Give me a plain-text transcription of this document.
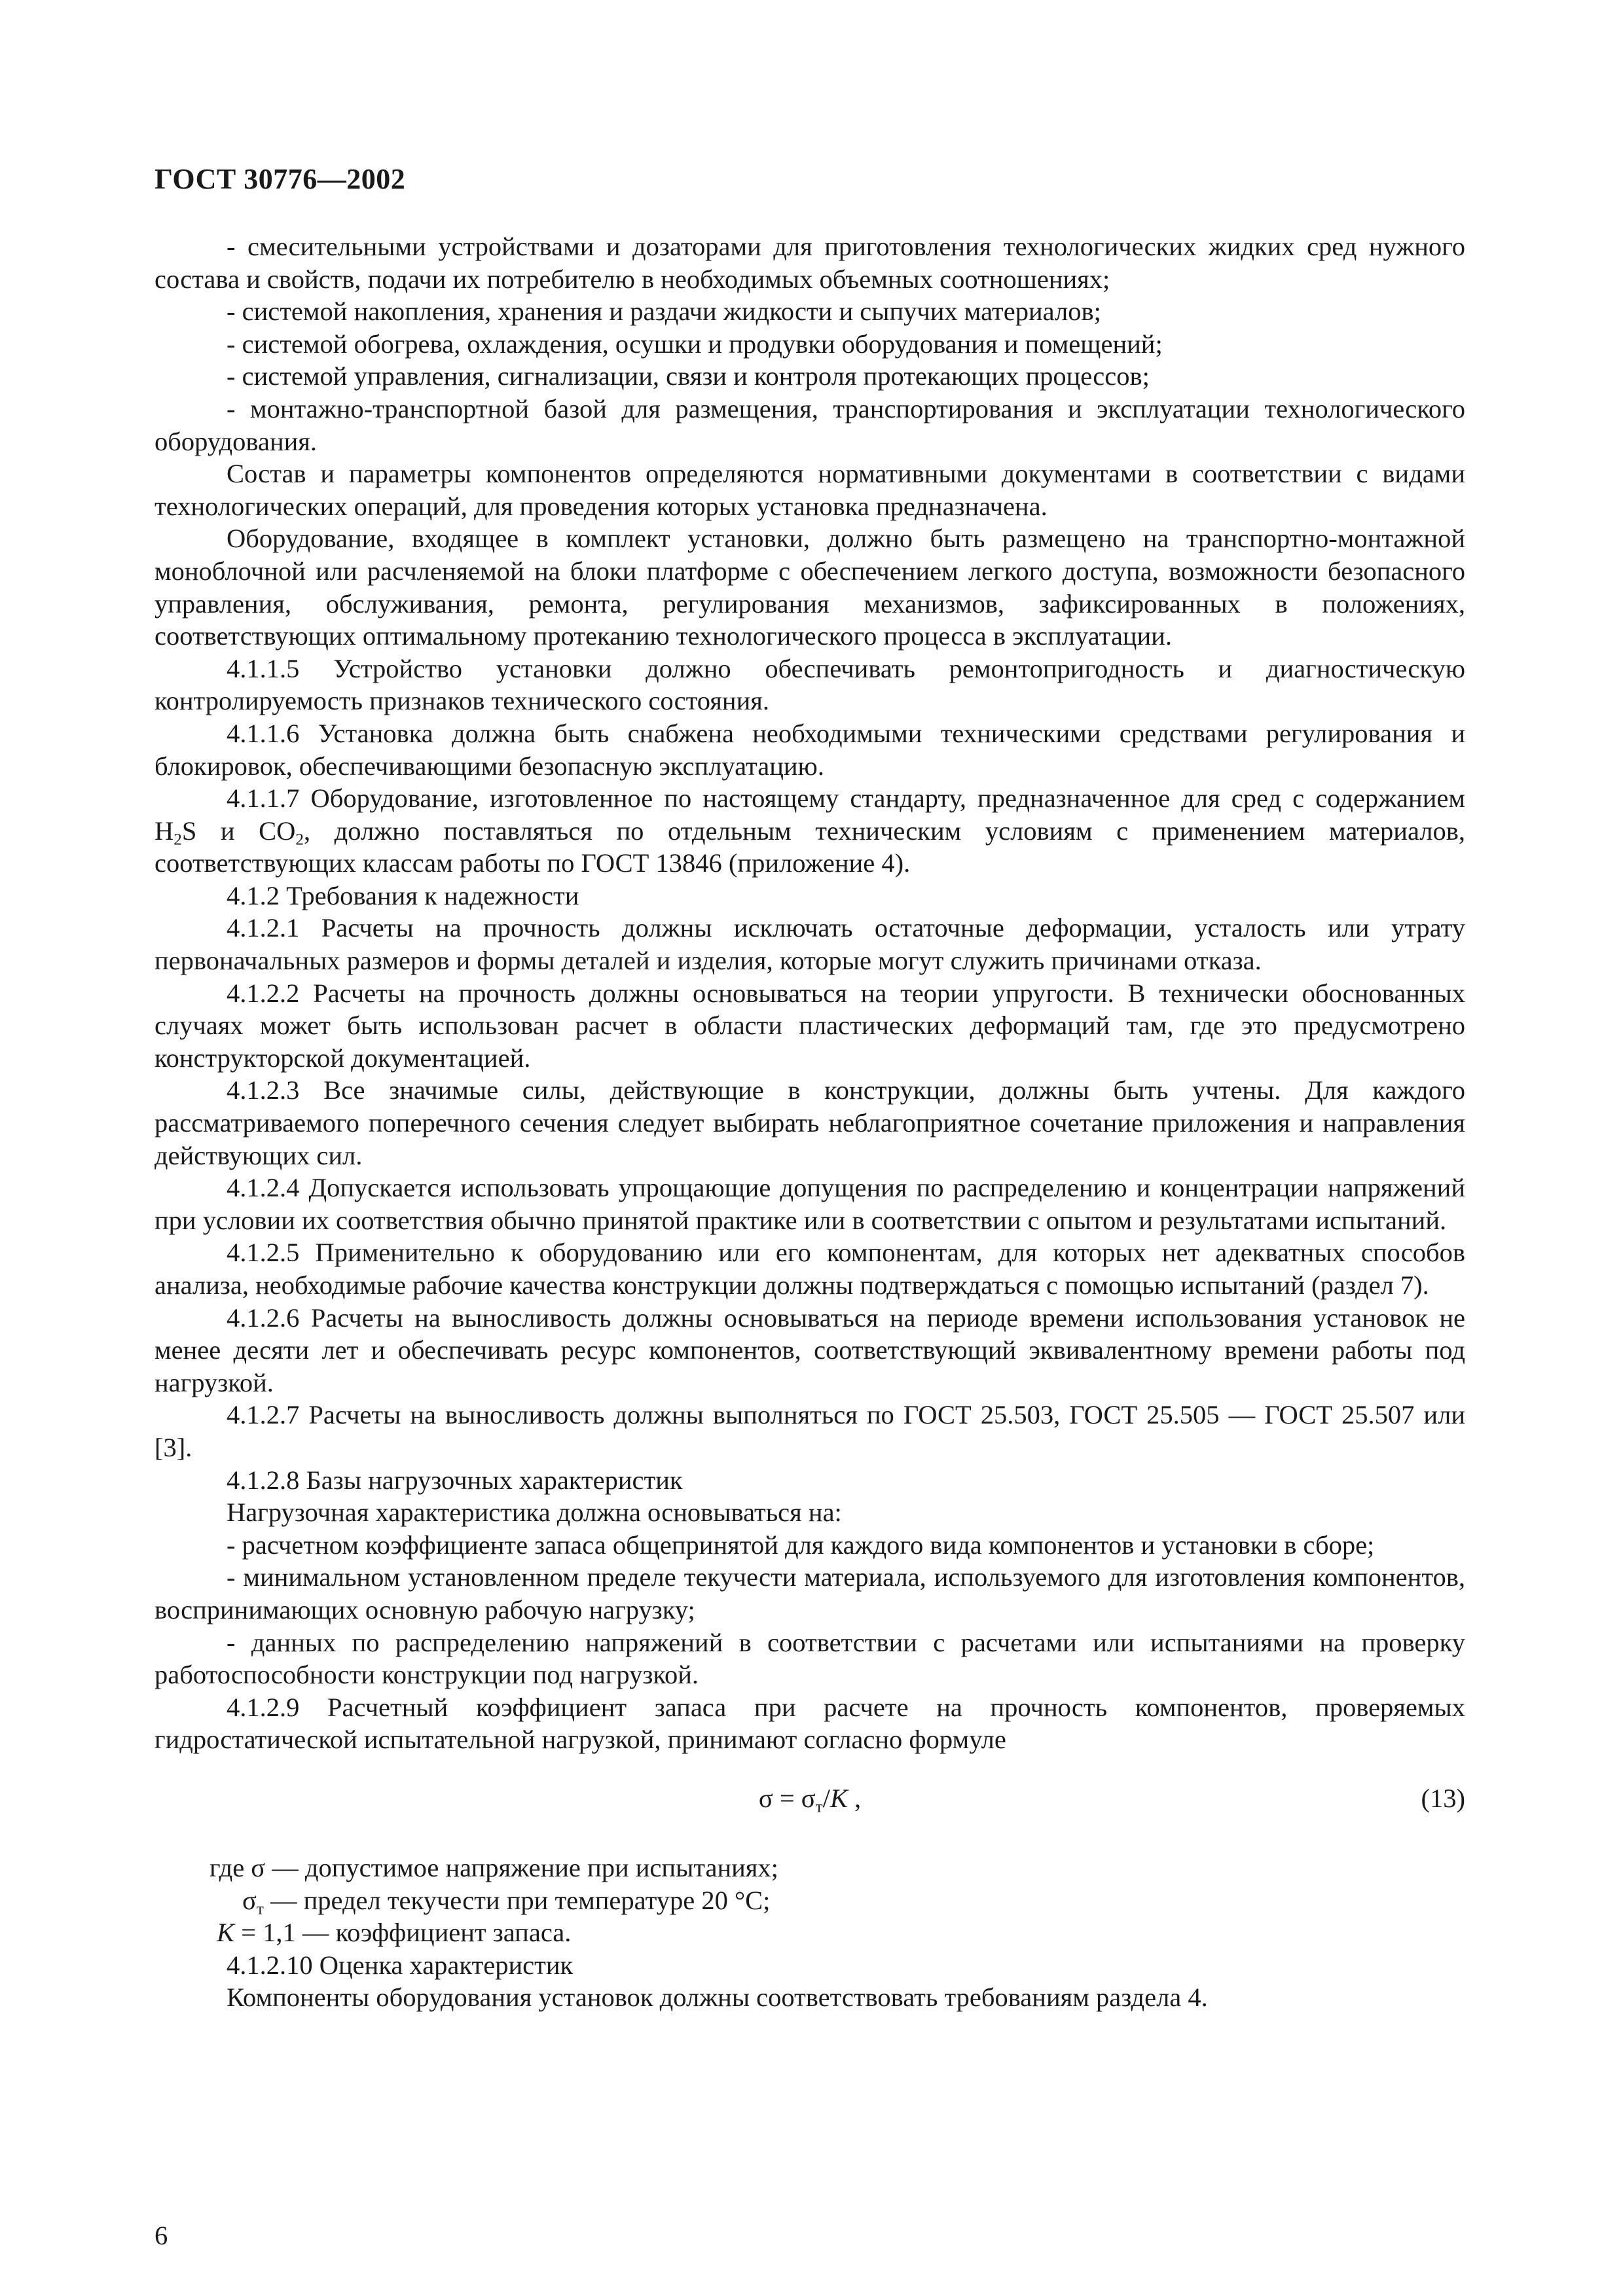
ГОСТ 30776—2002

- смесительными устройствами и дозаторами для приготовления технологических жидких сред нужного состава и свойств, подачи их потребителю в необходимых объемных соотношениях;

- системой накопления, хранения и раздачи жидкости и сыпучих материалов;

- системой обогрева, охлаждения, осушки и продувки оборудования и помещений;

- системой управления, сигнализации, связи и контроля протекающих процессов;

- монтажно-транспортной базой для размещения, транспортирования и эксплуатации технологического оборудования.

Состав и параметры компонентов определяются нормативными документами в соответствии с видами технологических операций, для проведения которых установка предназначена.

Оборудование, входящее в комплект установки, должно быть размещено на транспортно-монтажной моноблочной или расчленяемой на блоки платформе с обеспечением легкого доступа, возможности безопасного управления, обслуживания, ремонта, регулирования механизмов, зафиксированных в положениях, соответствующих оптимальному протеканию технологического процесса в эксплуатации.

4.1.1.5 Устройство установки должно обеспечивать ремонтопригодность и диагностическую контролируемость признаков технического состояния.

4.1.1.6 Установка должна быть снабжена необходимыми техническими средствами регулирования и блокировок, обеспечивающими безопасную эксплуатацию.

4.1.1.7 Оборудование, изготовленное по настоящему стандарту, предназначенное для сред с содержанием $H_2S$ и $CO_2$, должно поставляться по отдельным техническим условиям с применением материалов, соответствующих классам работы по ГОСТ 13846 (приложение 4).

4.1.2 Требования к надежности

4.1.2.1 Расчеты на прочность должны исключать остаточные деформации, усталость или утрату первоначальных размеров и формы деталей и изделия, которые могут служить причинами отказа.

4.1.2.2 Расчеты на прочность должны основываться на теории упругости. В технически обоснованных случаях может быть использован расчет в области пластических деформаций там, где это предусмотрено конструкторской документацией.

4.1.2.3 Все значимые силы, действующие в конструкции, должны быть учтены. Для каждого рассматриваемого поперечного сечения следует выбирать неблагоприятное сочетание приложения и направления действующих сил.

4.1.2.4 Допускается использовать упрощающие допущения по распределению и концентрации напряжений при условии их соответствия обычно принятой практике или в соответствии с опытом и результатами испытаний.

4.1.2.5 Применительно к оборудованию или его компонентам, для которых нет адекватных способов анализа, необходимые рабочие качества конструкции должны подтверждаться с помощью испытаний (раздел 7).

4.1.2.6 Расчеты на выносливость должны основываться на периоде времени использования установок не менее десяти лет и обеспечивать ресурс компонентов, соответствующий эквивалентному времени работы под нагрузкой.

4.1.2.7 Расчеты на выносливость должны выполняться по ГОСТ 25.503, ГОСТ 25.505 — ГОСТ 25.507 или [3].

4.1.2.8 Базы нагрузочных характеристик

Нагрузочная характеристика должна основываться на:

- расчетном коэффициенте запаса общепринятой для каждого вида компонентов и установки в сборе;

- минимальном установленном пределе текучести материала, используемого для изготовления компонентов, воспринимающих основную рабочую нагрузку;

- данных по распределению напряжений в соответствии с расчетами или испытаниями на проверку работоспособности конструкции под нагрузкой.

4.1.2.9 Расчетный коэффициент запаса при расчете на прочность компонентов, проверяемых гидростатической испытательной нагрузкой, принимают согласно формуле

$\sigma = \sigma_т/K$ ,	(13)

где σ — допустимое напряжение при испытаниях;

$\sigma_т$ — предел текучести при температуре 20 °С;

K = 1,1 — коэффициент запаса.

4.1.2.10 Оценка характеристик

Компоненты оборудования установок должны соответствовать требованиям раздела 4.

6
